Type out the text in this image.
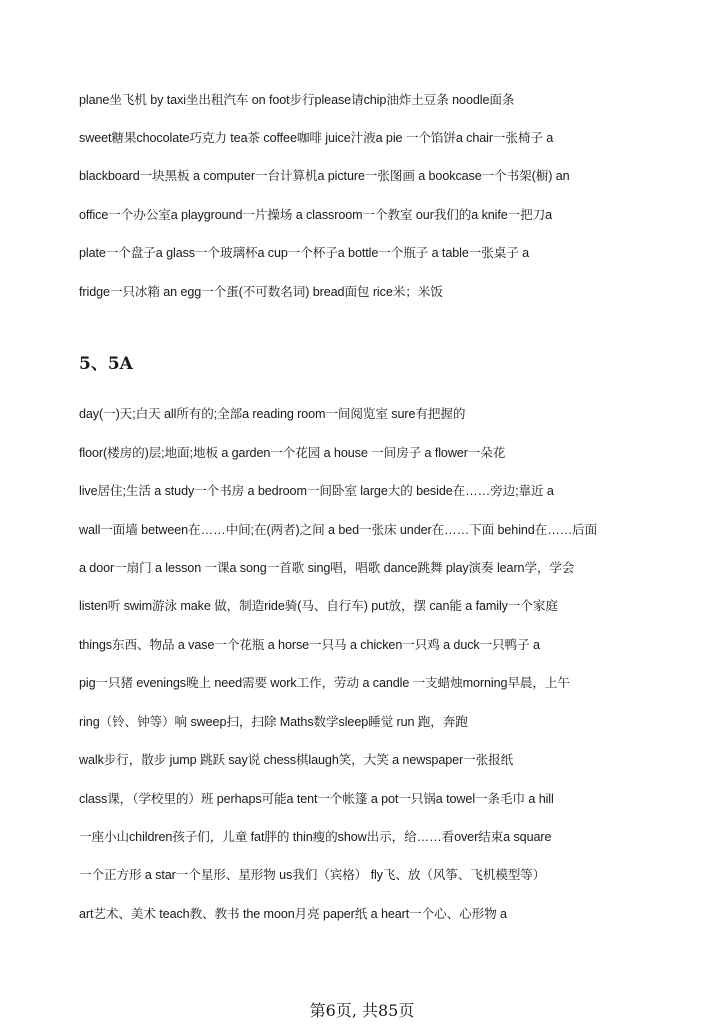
plane坐飞机 by taxi坐出租汽车 on foot步行please请chip油炸土豆条 noodle面条
sweet糖果chocolate巧克力 tea茶 coffee咖啡 juice汁液a pie 一个馅饼a chair一张椅子 a
blackboard一块黑板 a computer一台计算机a picture一张图画 a bookcase一个书架(橱) an
office一个办公室a playground一片操场 a classroom一个教室 our我们的a knife一把刀a
plate一个盘子a glass一个玻璃杯a cup一个杯子a bottle一个瓶子 a table一张桌子 a
fridge一只冰箱 an egg一个蛋(不可数名词) bread面包 rice米；米饭
5、5A
day(一)天;白天 all所有的;全部a reading room一间阅览室 sure有把握的
floor(楼房的)层;地面;地板 a garden一个花园 a house 一间房子 a flower一朵花
live居住;生活 a study一个书房 a bedroom一间卧室 large大的 beside在……旁边;靠近 a
wall一面墙 between在……中间;在(两者)之间 a bed一张床 under在……下面 behind在……后面
a door一扇门 a lesson 一课a song一首歌 sing唱，唱歌 dance跳舞 play演奏 learn学，学会
listen听 swim游泳 make 做，制造ride骑(马、自行车) put放，摆 can能 a family一个家庭
things东西、物品 a vase一个花瓶 a horse一只马 a chicken一只鸡 a duck一只鸭子 a
pig一只猪 evenings晚上 need需要 work工作，劳动 a candle 一支蜡烛morning早晨，上午
ring（铃、钟等）响 sweep扫，扫除 Maths数学sleep睡觉 run 跑，奔跑
walk步行，散步 jump 跳跃 say说 chess棋laugh笑，大笑 a newspaper一张报纸
class课，（学校里的）班 perhaps可能a tent一个帐篷 a pot一只锅a towel一条毛巾 a hill
一座小山children孩子们，儿童 fat胖的 thin瘦的show出示，给……看over结束a square
一个正方形 a star一个星形、星形物 us我们（宾格） fly飞、放（风筝、飞机模型等）
art艺术、美术 teach教、教书 the moon月亮 paper纸 a heart一个心、心形物 a
第6页, 共85页
